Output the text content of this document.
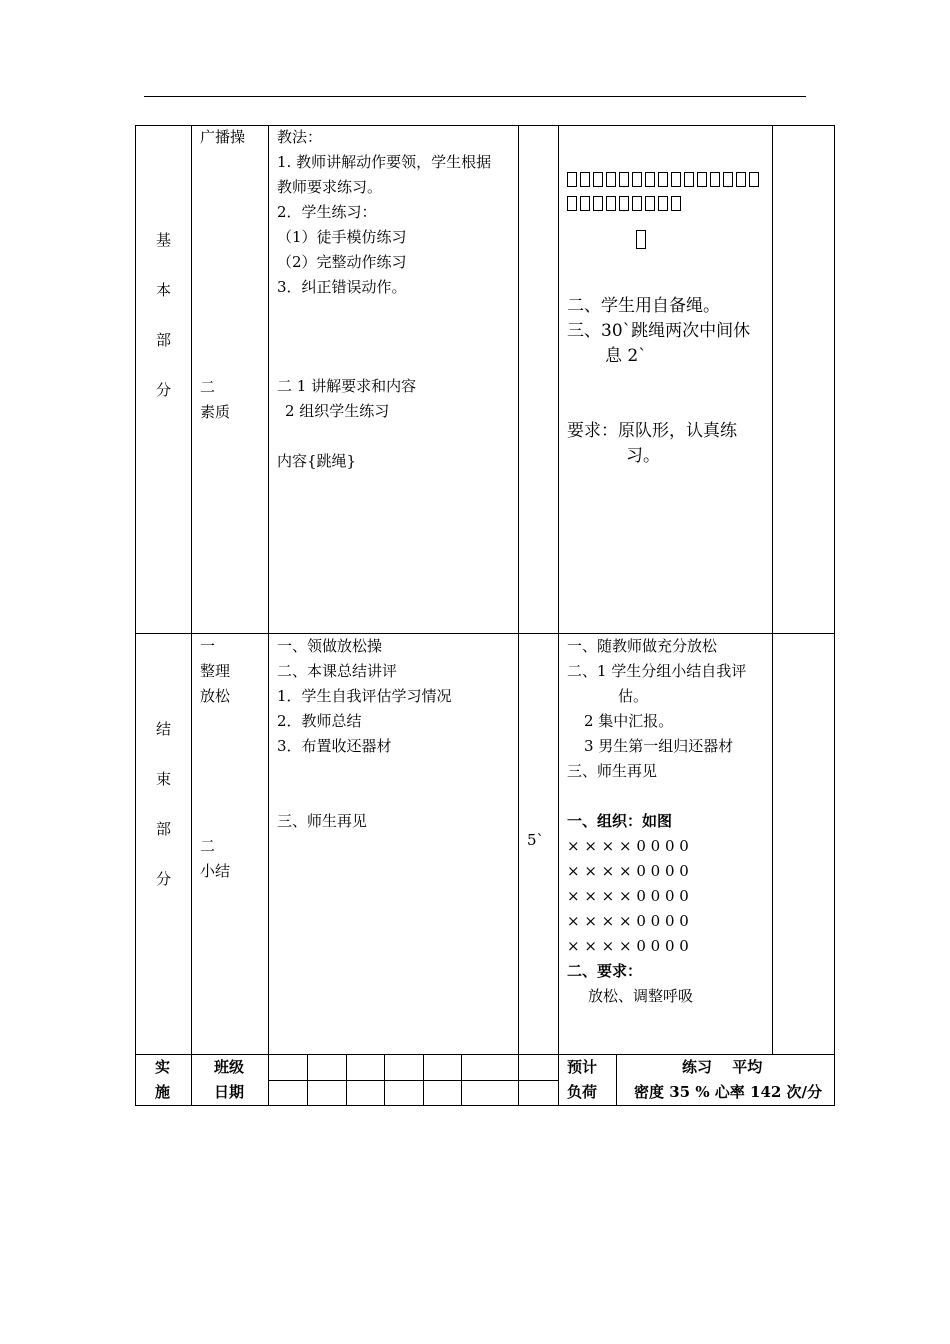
基
本
部
分
广播操
二
素质
教法：
1. 教师讲解动作要领，学生根据
教师要求练习。
2．学生练习：
（1）徒手模仿练习
（2）完整动作练习
3．纠正错误动作。
二 1 讲解要求和内容
2 组织学生练习
内容{跳绳}
二、学生用自备绳。
三、30`跳绳两次中间休
息 2`
要求：原队形，认真练
习。
结
束
部
分
一
整理
放松
二
小结
一、领做放松操
二、本课总结讲评
1．学生自我评估学习情况
2．教师总结
3．布置收还器材
三、师生再见
5`
一、随教师做充分放松
二、1 学生分组小结自我评
估。
2 集中汇报。
3 男生第一组归还器材
三、师生再见
一、组织：如图
× × × × 0 0 0 0
× × × × 0 0 0 0
× × × × 0 0 0 0
× × × × 0 0 0 0
× × × × 0 0 0 0
二、要求：
放松、调整呼吸
实
施
班级
日期
预计
负荷
练习　 平均
密度 35 % 心率 142 次/分
